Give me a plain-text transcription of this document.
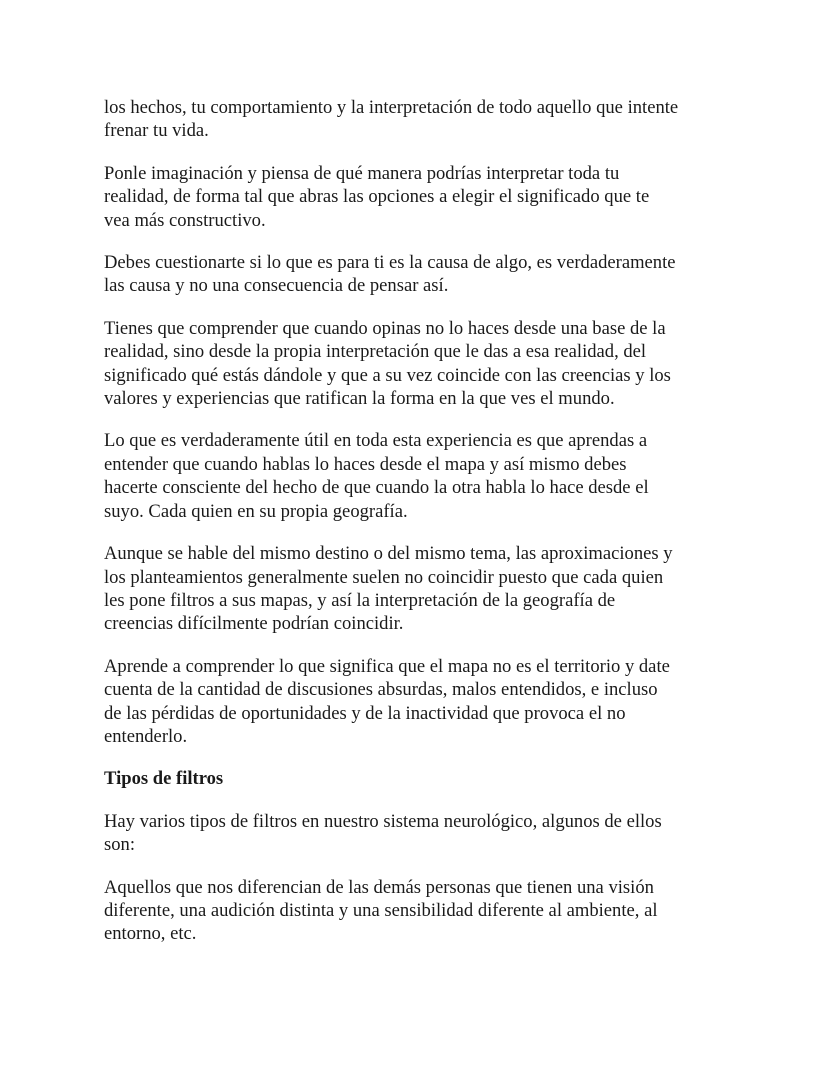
los hechos, tu comportamiento y la interpretación de todo aquello que intente
frenar tu vida.

Ponle imaginación y piensa de qué manera podrías interpretar toda tu
realidad, de forma tal que abras las opciones a elegir el significado que te
vea más constructivo.

Debes cuestionarte si lo que es para ti es la causa de algo, es verdaderamente
las causa y no una consecuencia de pensar así.

Tienes que comprender que cuando opinas no lo haces desde una base de la
realidad, sino desde la propia interpretación que le das a esa realidad, del
significado qué estás dándole y que a su vez coincide con las creencias y los
valores y experiencias que ratifican la forma en la que ves el mundo.

Lo que es verdaderamente útil en toda esta experiencia es que aprendas a
entender que cuando hablas lo haces desde el mapa y así mismo debes
hacerte consciente del hecho de que cuando la otra habla lo hace desde el
suyo. Cada quien en su propia geografía.

Aunque se hable del mismo destino o del mismo tema, las aproximaciones y
los planteamientos generalmente suelen no coincidir puesto que cada quien
les pone filtros a sus mapas, y así la interpretación de la geografía de
creencias difícilmente podrían coincidir.

Aprende a comprender lo que significa que el mapa no es el territorio y date
cuenta de la cantidad de discusiones absurdas, malos entendidos, e incluso
de las pérdidas de oportunidades y de la inactividad que provoca el no
entenderlo.

Tipos de filtros

Hay varios tipos de filtros en nuestro sistema neurológico, algunos de ellos
son:

Aquellos que nos diferencian de las demás personas que tienen una visión
diferente, una audición distinta y una sensibilidad diferente al ambiente, al
entorno, etc.
